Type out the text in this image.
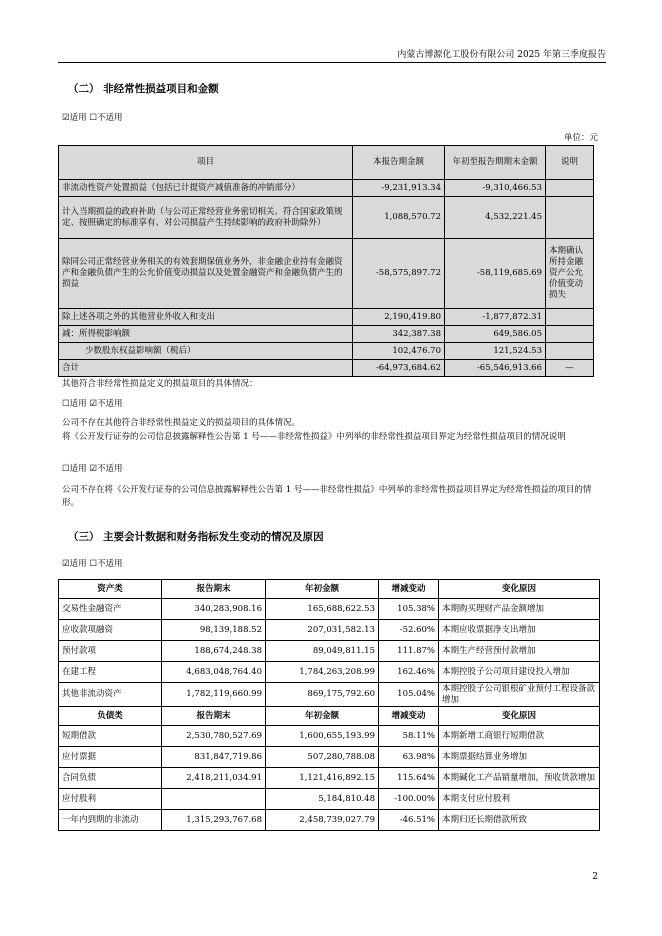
内蒙古博源化工股份有限公司 2025 年第三季度报告
（二） 非经常性损益项目和金额
☑适用 ☐不适用
单位：元
项目	本报告期金额	年初至报告期期末金额	说明
非流动性资产处置损益（包括已计提资产减值准备的冲销部分）	-9,231,913.34	-9,310,466.53	
计入当期损益的政府补助（与公司正常经营业务密切相关、符合国家政策规定、按照确定的标准享有、对公司损益产生持续影响的政府补助除外）	1,088,570.72	4,532,221.45	
除同公司正常经营业务相关的有效套期保值业务外，非金融企业持有金融资产和金融负债产生的公允价值变动损益以及处置金融资产和金融负债产生的损益	-58,575,897.72	-58,119,685.69	本期确认所持金融资产公允价值变动损失
除上述各项之外的其他营业外收入和支出	2,190,419.80	-1,877,872.31	
减：所得税影响额	342,387.38	649,586.05	
少数股东权益影响额（税后）	102,476.70	121,524.53	
合计	-64,973,684.62	-65,546,913.66	—
其他符合非经常性损益定义的损益项目的具体情况：
☐适用 ☑不适用
公司不存在其他符合非经常性损益定义的损益项目的具体情况。
将《公开发行证券的公司信息披露解释性公告第 1 号——非经常性损益》中列举的非经常性损益项目界定为经常性损益项目的情况说明
☐适用 ☑不适用
公司不存在将《公开发行证券的公司信息披露解释性公告第 1 号——非经常性损益》中列举的非经常性损益项目界定为经常性损益的项目的情形。
（三） 主要会计数据和财务指标发生变动的情况及原因
☑适用 ☐不适用
资产类	报告期末	年初金额	增减变动	变化原因
交易性金融资产	340,283,908.16	165,688,622.53	105.38%	本期购买理财产品金额增加
应收款项融资	98,139,188.52	207,031,582.13	-52.60%	本期应收票据净支出增加
预付款项	188,674,248.38	89,049,811.15	111.87%	本期生产经营预付款增加
在建工程	4,683,048,764.40	1,784,263,208.99	162.46%	本期控股子公司项目建设投入增加
其他非流动资产	1,782,119,660.99	869,175,792.60	105.04%	本期控股子公司银根矿业预付工程设备款增加
负债类	报告期末	年初金额	增减变动	变化原因
短期借款	2,530,780,527.69	1,600,655,193.99	58.11%	本期新增工商银行短期借款
应付票据	831,847,719.86	507,280,788.08	63.98%	本期票据结算业务增加
合同负债	2,418,211,034.91	1,121,416,892.15	115.64%	本期碱化工产品销量增加，预收货款增加
应付股利		5,184,810.48	-100.00%	本期支付应付股利
一年内到期的非流动	1,315,293,767.68	2,458,739,027.79	-46.51%	本期归还长期借款所致
2
